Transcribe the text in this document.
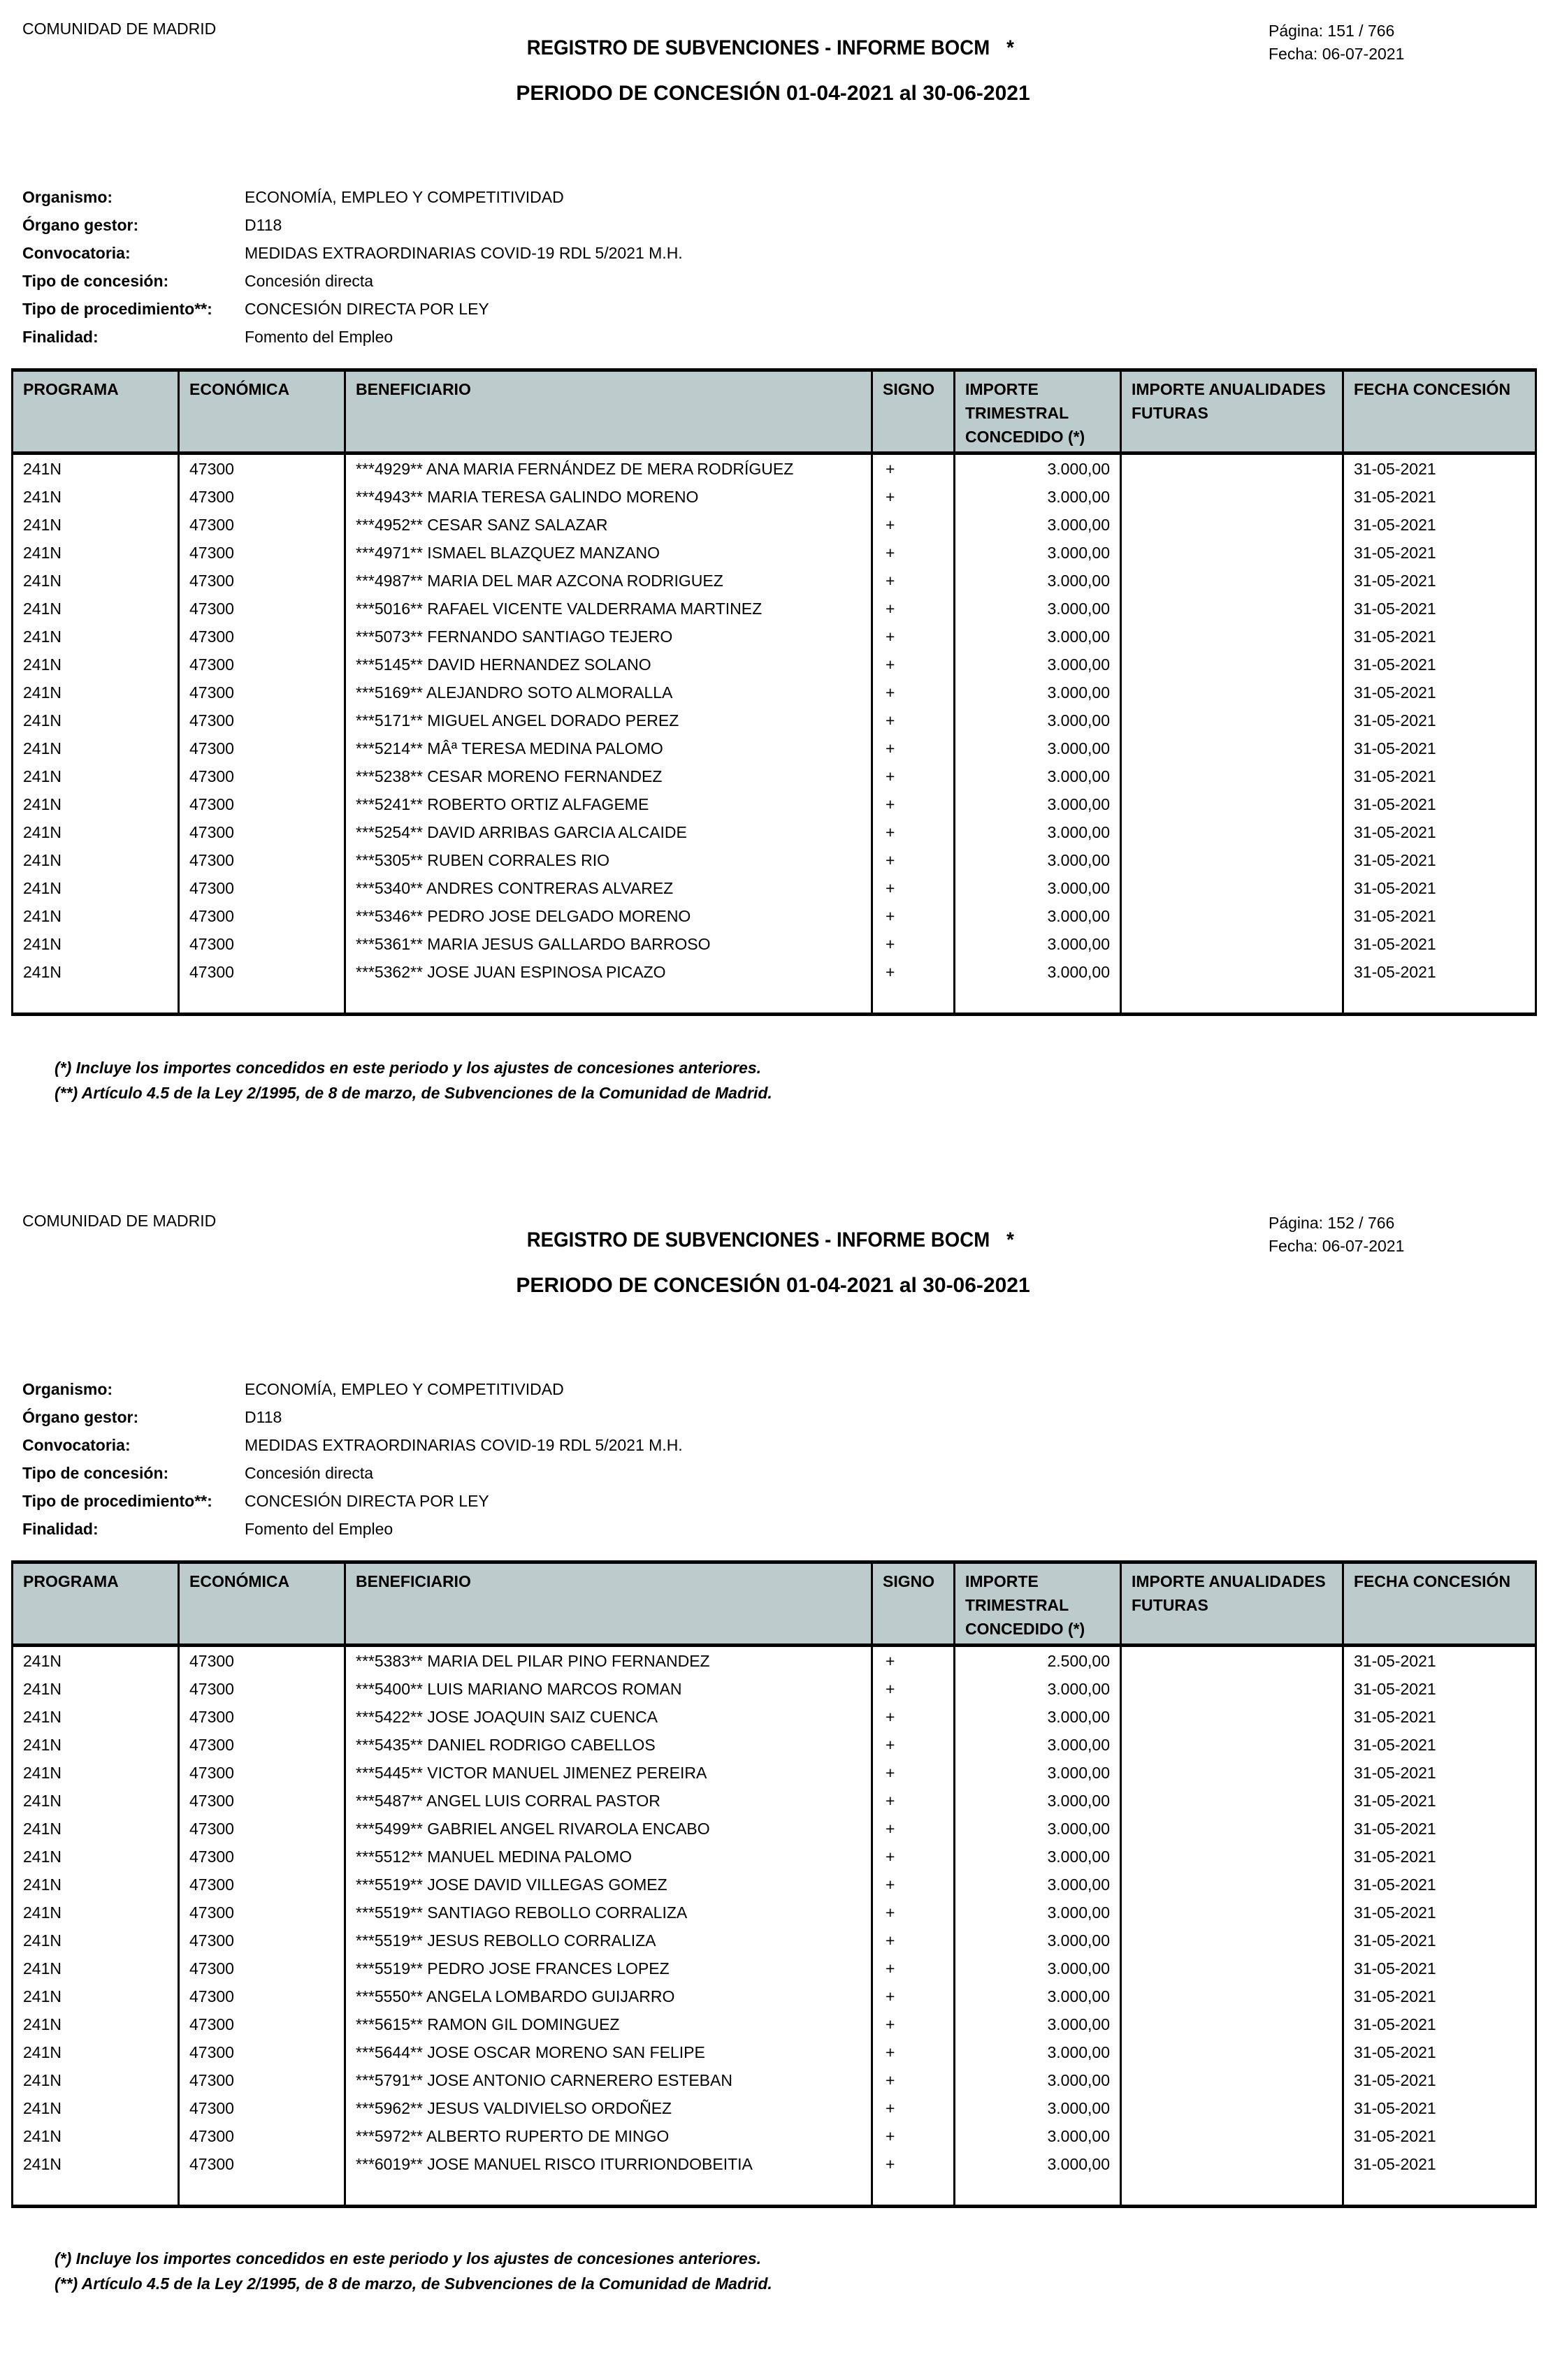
COMUNIDAD DE MADRID
REGISTRO DE SUBVENCIONES - INFORME BOCM *
PERIODO DE CONCESIÓN 01-04-2021 al 30-06-2021
Página: 151 / 766
Fecha: 06-07-2021
Organismo:	ECONOMÍA, EMPLEO Y COMPETITIVIDAD
Órgano gestor:	D118
Convocatoria:	MEDIDAS EXTRAORDINARIAS COVID-19 RDL 5/2021 M.H.
Tipo de concesión:	Concesión directa
Tipo de procedimiento**:	CONCESIÓN DIRECTA POR LEY
Finalidad:	Fomento del Empleo
PROGRAMA	ECONÓMICA	BENEFICIARIO	SIGNO	IMPORTE TRIMESTRAL CONCEDIDO (*)	IMPORTE ANUALIDADES FUTURAS	FECHA CONCESIÓN
241N	47300	***4929** ANA MARIA FERNÁNDEZ DE MERA RODRÍGUEZ	+	3.000,00		31-05-2021
241N	47300	***4943** MARIA TERESA GALINDO MORENO	+	3.000,00		31-05-2021
241N	47300	***4952** CESAR SANZ SALAZAR	+	3.000,00		31-05-2021
241N	47300	***4971** ISMAEL BLAZQUEZ MANZANO	+	3.000,00		31-05-2021
241N	47300	***4987** MARIA DEL MAR AZCONA RODRIGUEZ	+	3.000,00		31-05-2021
241N	47300	***5016** RAFAEL VICENTE VALDERRAMA MARTINEZ	+	3.000,00		31-05-2021
241N	47300	***5073** FERNANDO SANTIAGO TEJERO	+	3.000,00		31-05-2021
241N	47300	***5145** DAVID HERNANDEZ SOLANO	+	3.000,00		31-05-2021
241N	47300	***5169** ALEJANDRO SOTO ALMORALLA	+	3.000,00		31-05-2021
241N	47300	***5171** MIGUEL ANGEL DORADO PEREZ	+	3.000,00		31-05-2021
241N	47300	***5214** MÂª TERESA MEDINA PALOMO	+	3.000,00		31-05-2021
241N	47300	***5238** CESAR MORENO FERNANDEZ	+	3.000,00		31-05-2021
241N	47300	***5241** ROBERTO ORTIZ ALFAGEME	+	3.000,00		31-05-2021
241N	47300	***5254** DAVID ARRIBAS GARCIA ALCAIDE	+	3.000,00		31-05-2021
241N	47300	***5305** RUBEN CORRALES RIO	+	3.000,00		31-05-2021
241N	47300	***5340** ANDRES CONTRERAS ALVAREZ	+	3.000,00		31-05-2021
241N	47300	***5346** PEDRO JOSE DELGADO MORENO	+	3.000,00		31-05-2021
241N	47300	***5361** MARIA JESUS GALLARDO BARROSO	+	3.000,00		31-05-2021
241N	47300	***5362** JOSE JUAN ESPINOSA PICAZO	+	3.000,00		31-05-2021

(*) Incluye los importes concedidos en este periodo y los ajustes de concesiones anteriores.
(**) Artículo 4.5 de la Ley 2/1995, de 8 de marzo, de Subvenciones de la Comunidad de Madrid.
COMUNIDAD DE MADRID
REGISTRO DE SUBVENCIONES - INFORME BOCM *
PERIODO DE CONCESIÓN 01-04-2021 al 30-06-2021
Página: 152 / 766
Fecha: 06-07-2021
Organismo:	ECONOMÍA, EMPLEO Y COMPETITIVIDAD
Órgano gestor:	D118
Convocatoria:	MEDIDAS EXTRAORDINARIAS COVID-19 RDL 5/2021 M.H.
Tipo de concesión:	Concesión directa
Tipo de procedimiento**:	CONCESIÓN DIRECTA POR LEY
Finalidad:	Fomento del Empleo
PROGRAMA	ECONÓMICA	BENEFICIARIO	SIGNO	IMPORTE TRIMESTRAL CONCEDIDO (*)	IMPORTE ANUALIDADES FUTURAS	FECHA CONCESIÓN
241N	47300	***5383** MARIA DEL PILAR PINO FERNANDEZ	+	2.500,00		31-05-2021
241N	47300	***5400** LUIS MARIANO MARCOS ROMAN	+	3.000,00		31-05-2021
241N	47300	***5422** JOSE JOAQUIN SAIZ CUENCA	+	3.000,00		31-05-2021
241N	47300	***5435** DANIEL RODRIGO CABELLOS	+	3.000,00		31-05-2021
241N	47300	***5445** VICTOR MANUEL JIMENEZ PEREIRA	+	3.000,00		31-05-2021
241N	47300	***5487** ANGEL LUIS CORRAL PASTOR	+	3.000,00		31-05-2021
241N	47300	***5499** GABRIEL ANGEL RIVAROLA ENCABO	+	3.000,00		31-05-2021
241N	47300	***5512** MANUEL MEDINA PALOMO	+	3.000,00		31-05-2021
241N	47300	***5519** JOSE DAVID VILLEGAS GOMEZ	+	3.000,00		31-05-2021
241N	47300	***5519** SANTIAGO REBOLLO CORRALIZA	+	3.000,00		31-05-2021
241N	47300	***5519** JESUS REBOLLO CORRALIZA	+	3.000,00		31-05-2021
241N	47300	***5519** PEDRO JOSE FRANCES LOPEZ	+	3.000,00		31-05-2021
241N	47300	***5550** ANGELA LOMBARDO GUIJARRO	+	3.000,00		31-05-2021
241N	47300	***5615** RAMON GIL DOMINGUEZ	+	3.000,00		31-05-2021
241N	47300	***5644** JOSE OSCAR MORENO SAN FELIPE	+	3.000,00		31-05-2021
241N	47300	***5791** JOSE ANTONIO CARNERERO ESTEBAN	+	3.000,00		31-05-2021
241N	47300	***5962** JESUS VALDIVIELSO ORDOÑEZ	+	3.000,00		31-05-2021
241N	47300	***5972** ALBERTO RUPERTO DE MINGO	+	3.000,00		31-05-2021
241N	47300	***6019** JOSE MANUEL RISCO ITURRIONDOBEITIA	+	3.000,00		31-05-2021

(*) Incluye los importes concedidos en este periodo y los ajustes de concesiones anteriores.
(**) Artículo 4.5 de la Ley 2/1995, de 8 de marzo, de Subvenciones de la Comunidad de Madrid.
